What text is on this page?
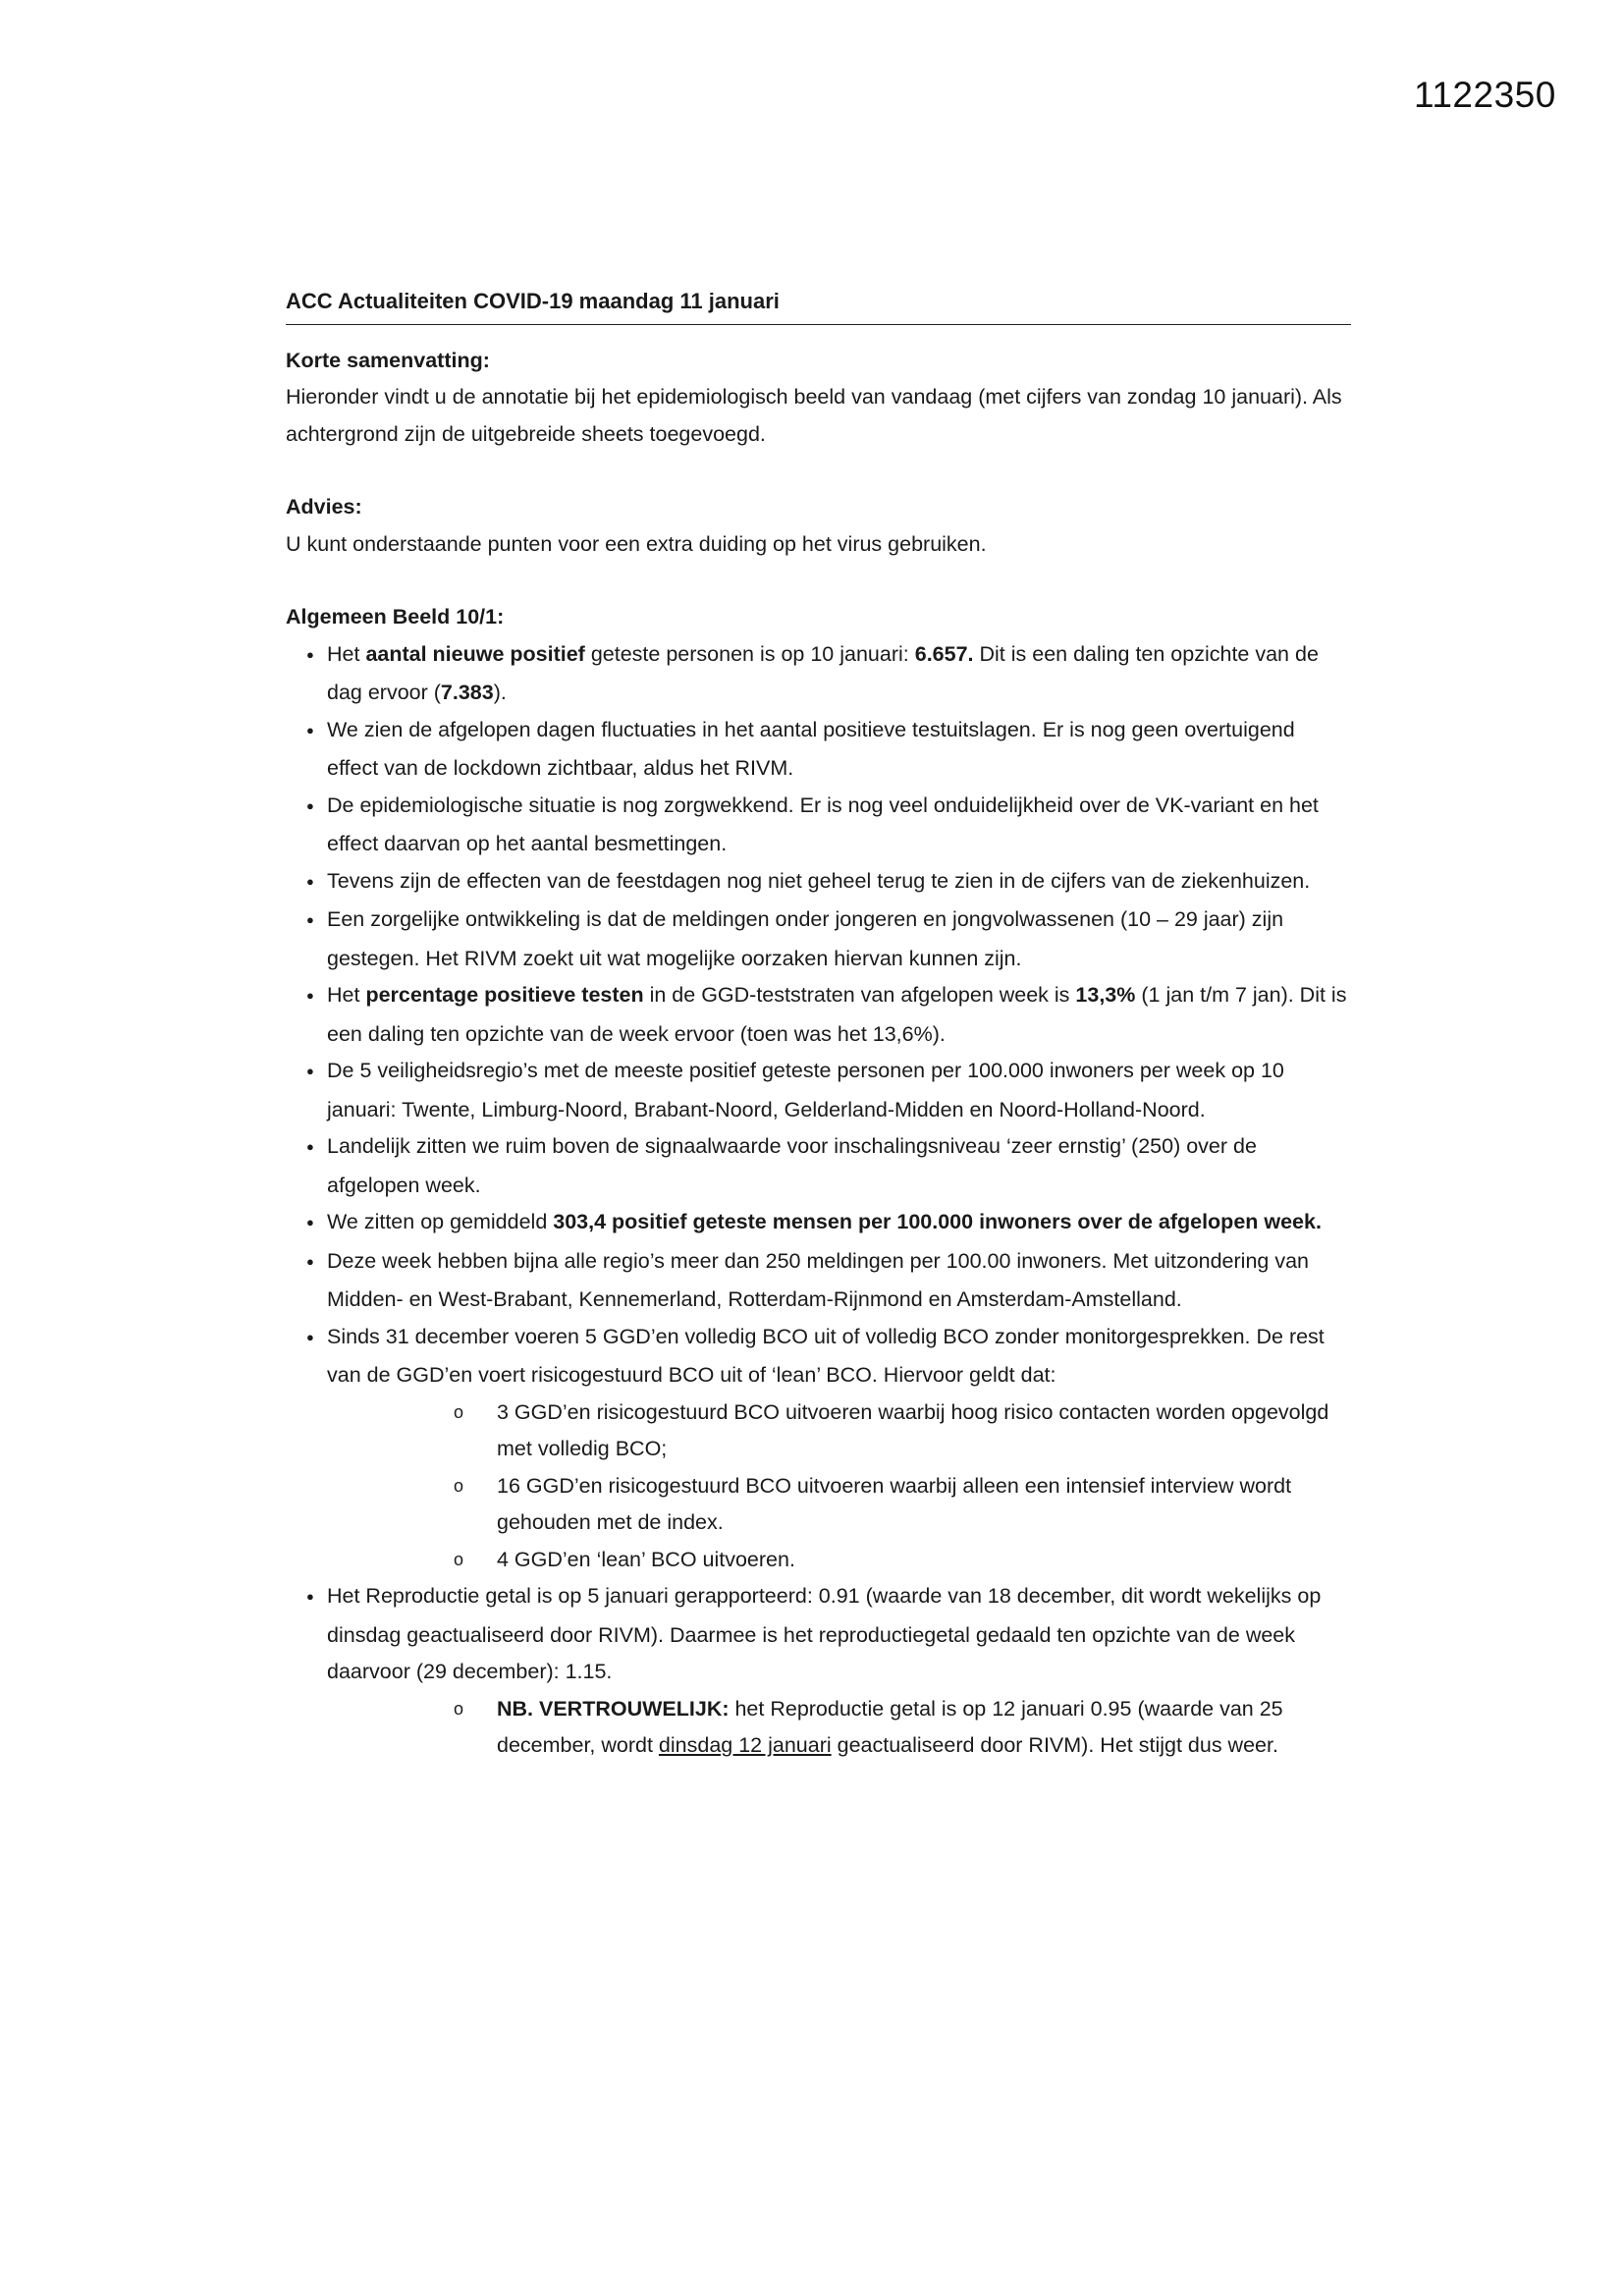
1122350
ACC Actualiteiten COVID-19 maandag 11 januari
Korte samenvatting:

Hieronder vindt u de annotatie bij het epidemiologisch beeld van vandaag (met cijfers van zondag 10 januari). Als achtergrond zijn de uitgebreide sheets toegevoegd.

Advies:

U kunt onderstaande punten voor een extra duiding op het virus gebruiken.

Algemeen Beeld 10/1:
●Het aantal nieuwe positief geteste personen is op 10 januari: 6.657. Dit is een daling ten opzichte van de dag ervoor (7.383).
●We zien de afgelopen dagen fluctuaties in het aantal positieve testuitslagen. Er is nog geen overtuigend effect van de lockdown zichtbaar, aldus het RIVM.
●De epidemiologische situatie is nog zorgwekkend. Er is nog veel onduidelijkheid over de VK-variant en het effect daarvan op het aantal besmettingen.
●Tevens zijn de effecten van de feestdagen nog niet geheel terug te zien in de cijfers van de ziekenhuizen.
●Een zorgelijke ontwikkeling is dat de meldingen onder jongeren en jongvolwassenen (10 – 29 jaar) zijn gestegen. Het RIVM zoekt uit wat mogelijke oorzaken hiervan kunnen zijn.
●Het percentage positieve testen in de GGD-teststraten van afgelopen week is 13,3% (1 jan t/m 7 jan). Dit is een daling ten opzichte van de week ervoor (toen was het 13,6%).
●De 5 veiligheidsregio’s met de meeste positief geteste personen per 100.000 inwoners per week op 10 januari: Twente, Limburg-Noord, Brabant-Noord, Gelderland-Midden en Noord-Holland-Noord.
●Landelijk zitten we ruim boven de signaalwaarde voor inschalingsniveau ‘zeer ernstig’ (250) over de afgelopen week.
●We zitten op gemiddeld 303,4 positief geteste mensen per 100.000 inwoners over de afgelopen week.
●Deze week hebben bijna alle regio’s meer dan 250 meldingen per 100.00 inwoners. Met uitzondering van Midden- en West-Brabant, Kennemerland, Rotterdam-Rijnmond en Amsterdam-Amstelland.
●Sinds 31 december voeren 5 GGD’en volledig BCO uit of volledig BCO zonder monitorgesprekken. De rest van de GGD’en voert risicogestuurd BCO uit of ‘lean’ BCO. Hiervoor geldt dat:
o 3 GGD’en risicogestuurd BCO uitvoeren waarbij hoog risico contacten worden opgevolgd met volledig BCO;
o 16 GGD’en risicogestuurd BCO uitvoeren waarbij alleen een intensief interview wordt gehouden met de index.
o 4 GGD’en ‘lean’ BCO uitvoeren.
●Het Reproductie getal is op 5 januari gerapporteerd: 0.91 (waarde van 18 december, dit wordt wekelijks op dinsdag geactualiseerd door RIVM). Daarmee is het reproductiegetal gedaald ten opzichte van de week daarvoor (29 december): 1.15.
o NB. VERTROUWELIJK: het Reproductie getal is op 12 januari 0.95 (waarde van 25 december, wordt dinsdag 12 januari geactualiseerd door RIVM). Het stijgt dus weer.
